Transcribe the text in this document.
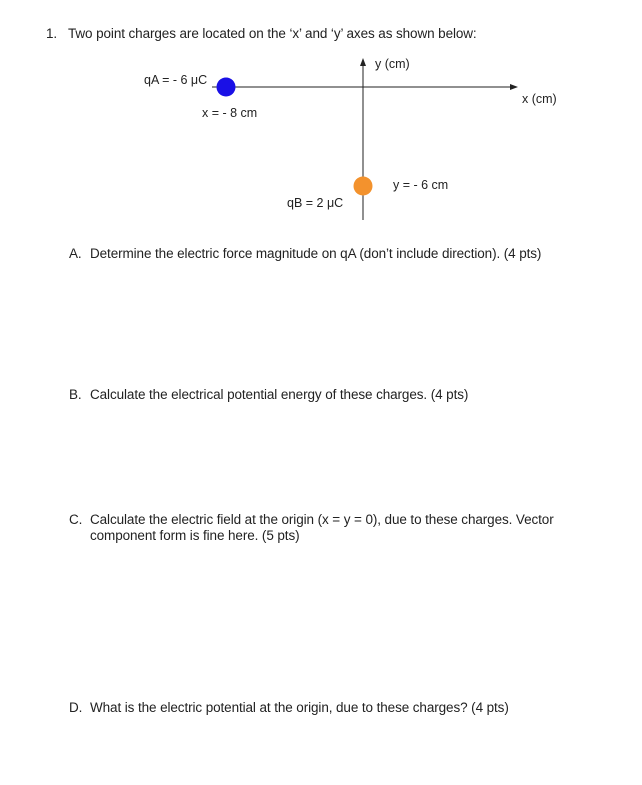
1. Two point charges are located on the ‘x’ and ‘y’ axes as shown below:
y (cm)
x (cm)
qA = - 6 μC
x = - 8 cm
y = - 6 cm
qB = 2 μC
A. Determine the electric force magnitude on qA (don’t include direction). (4 pts)
B. Calculate the electrical potential energy of these charges. (4 pts)
C. Calculate the electric field at the origin (x = y = 0), due to these charges. Vector
component form is fine here. (5 pts)
D. What is the electric potential at the origin, due to these charges? (4 pts)
